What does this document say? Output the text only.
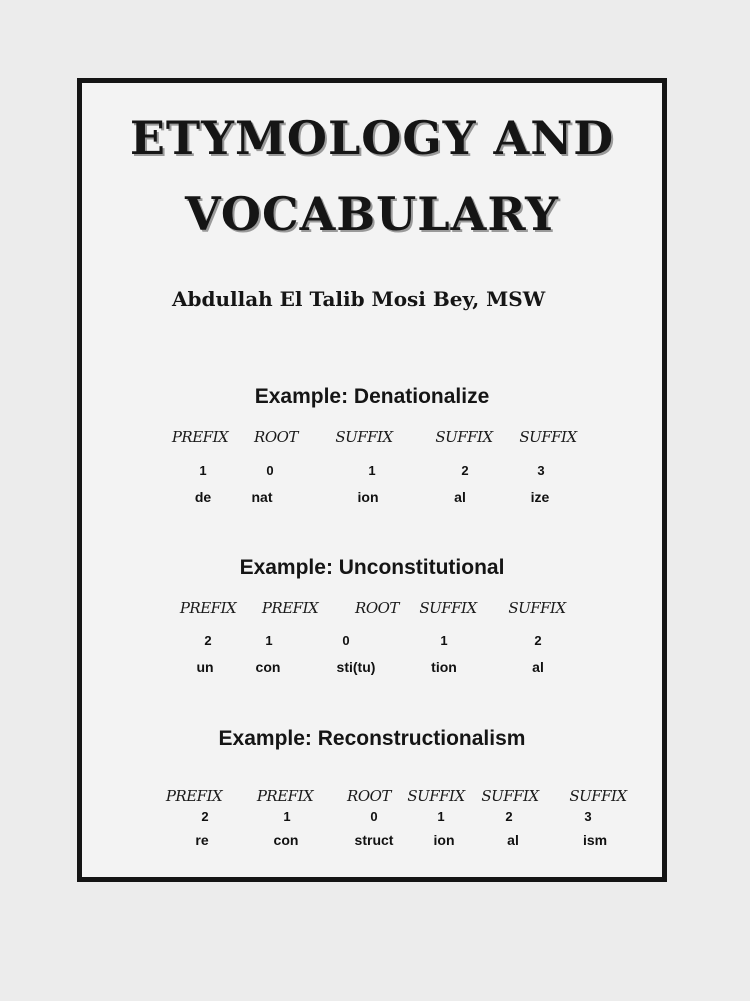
ETYMOLOGY AND
VOCABULARY
Abdullah El Talib Mosi Bey, MSW
Example: Denationalize
PREFIX ROOT SUFFIX	SUFFIX SUFFIX
1	0	1	2	3
de	nat	ion	al	ize
Example: Unconstitutional
PREFIX PREFIX ROOT SUFFIX SUFFIX
2	1	0	1	2
un	con	sti(tu)	tion	al
Example: Reconstructionalism
PREFIX PREFIX ROOT SUFFIX SUFFIX SUFFIX
2	1	0	1	2	3
re	con	struct	ion	al	ism
